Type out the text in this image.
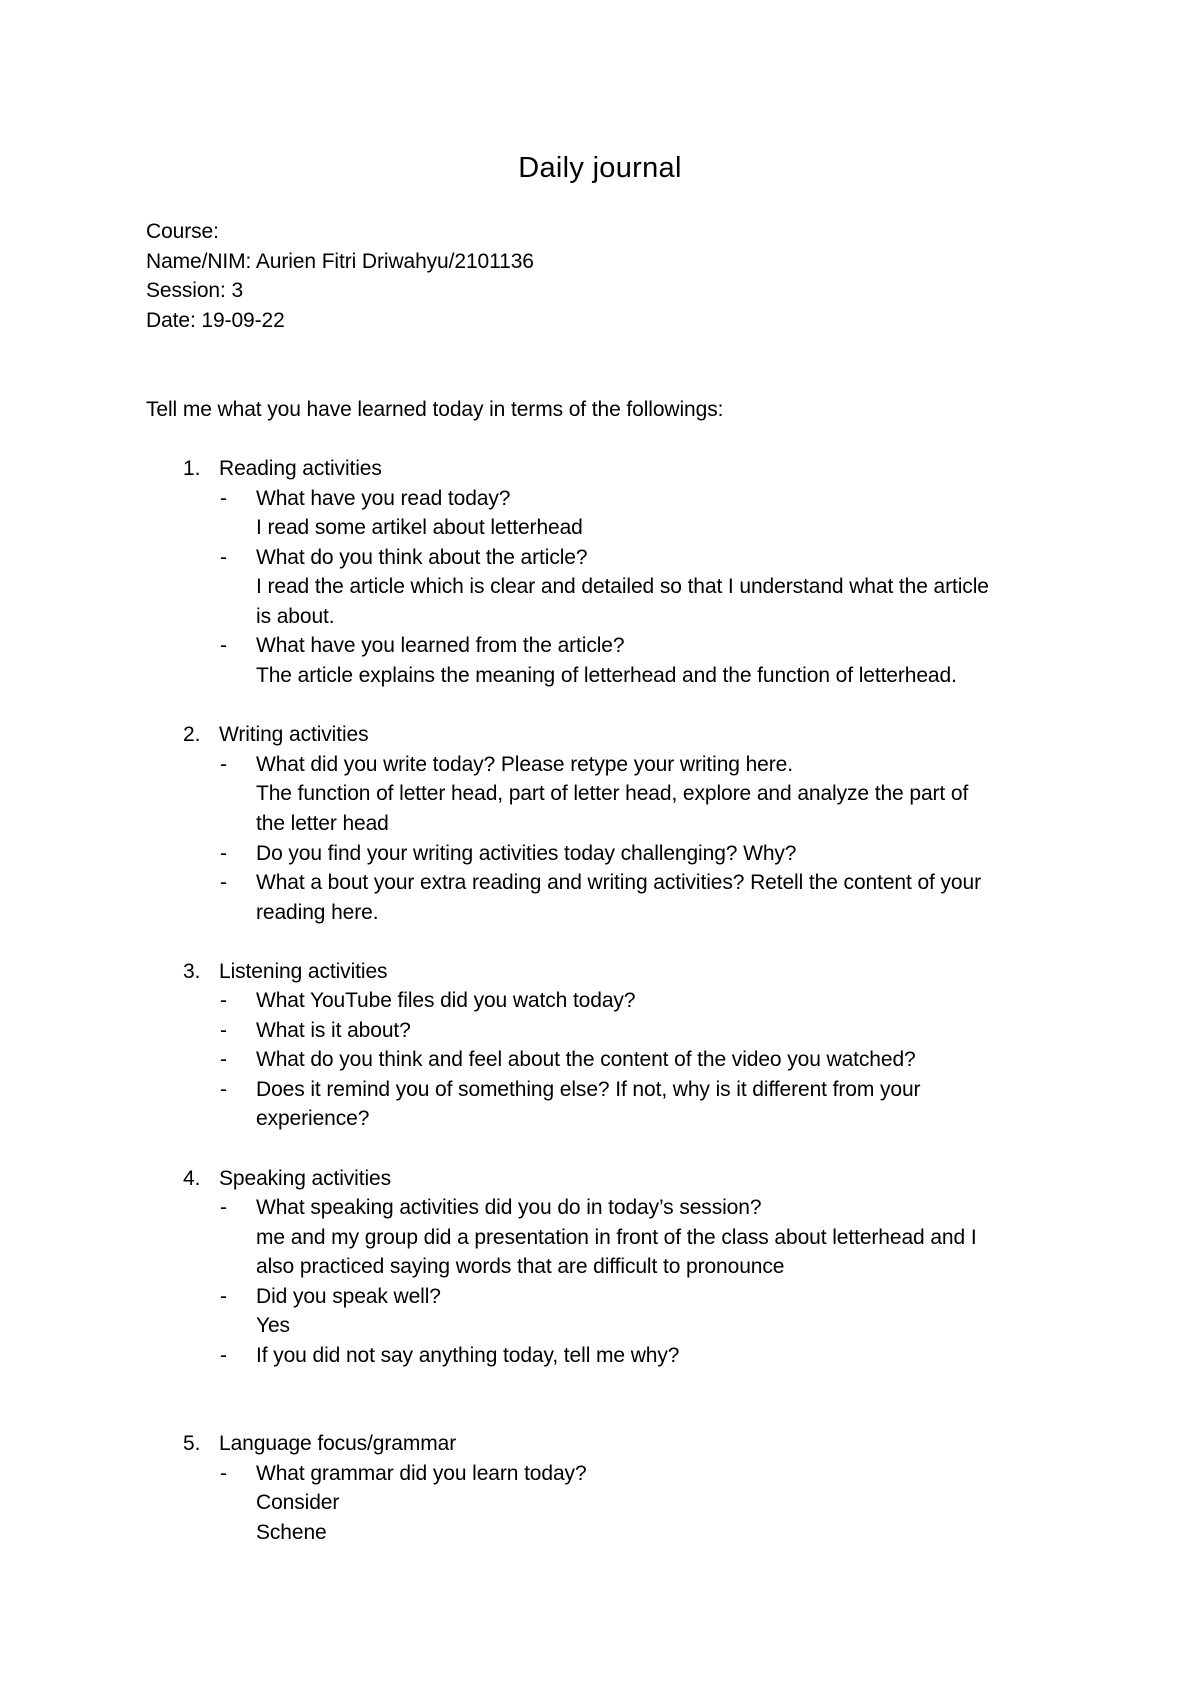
Daily journal
Course:
Name/NIM: Aurien Fitri Driwahyu/2101136
Session: 3
Date: 19-09-22
Tell me what you have learned today in terms of the followings:
1. Reading activities
- What have you read today?
I read some artikel about letterhead
- What do you think about the article?
I read the article which is clear and detailed so that I understand what the article
is about.
- What have you learned from the article?
The article explains the meaning of letterhead and the function of letterhead.
2. Writing activities
- What did you write today? Please retype your writing here.
The function of letter head, part of letter head, explore and analyze the part of
the letter head
- Do you find your writing activities today challenging? Why?
- What a bout your extra reading and writing activities? Retell the content of your
reading here.
3. Listening activities
- What YouTube files did you watch today?
- What is it about?
- What do you think and feel about the content of the video you watched?
- Does it remind you of something else? If not, why is it different from your
experience?
4. Speaking activities
- What speaking activities did you do in today’s session?
me and my group did a presentation in front of the class about letterhead and I
also practiced saying words that are difficult to pronounce
- Did you speak well?
Yes
- If you did not say anything today, tell me why?
5. Language focus/grammar
- What grammar did you learn today?
Consider
Schene
